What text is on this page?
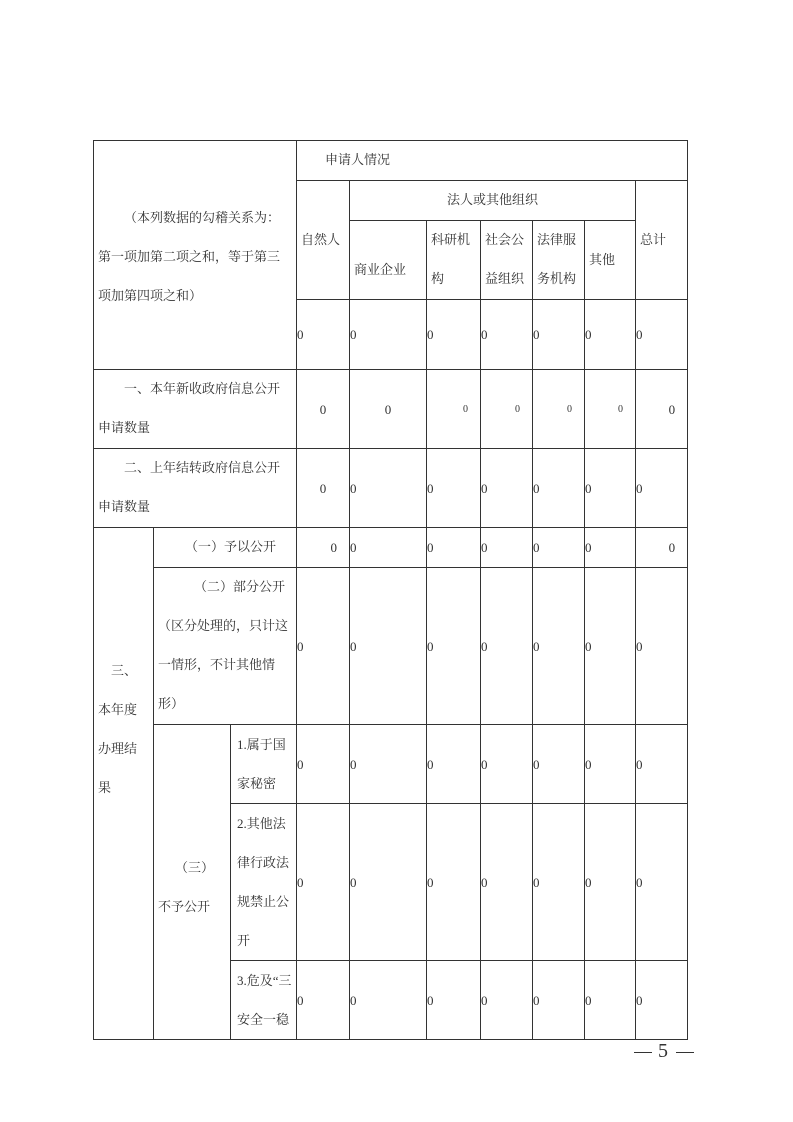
（本列数据的勾稽关系为：第一项加第二项之和，等于第三项加第四项之和）			申请人情况						
			自然人	法人或其他组织					总计
				商业企业	科研机构	社会公益组织	法律服务机构	其他	
			0	0	0	0	0	0	0

一、本年新收政府信息公开申请数量			0	0	0	0	0	0	0

二、上年结转政府信息公开申请数量			0	0	0	0	0	0	0

三、
本年度
办理结
果	（一）予以公开		0	0	0	0	0	0	0

	（二）部分公开（区分处理的，只计这一情形，不计其他情形）		0	0	0	0	0	0	0

	（三）
不予公开	1.属于国家秘密	0	0	0	0	0	0	0
		2.其他法律行政法规禁止公开	0	0	0	0	0	0	0
		3.危及“三安全一稳	0	0	0	0	0	0	0
5
